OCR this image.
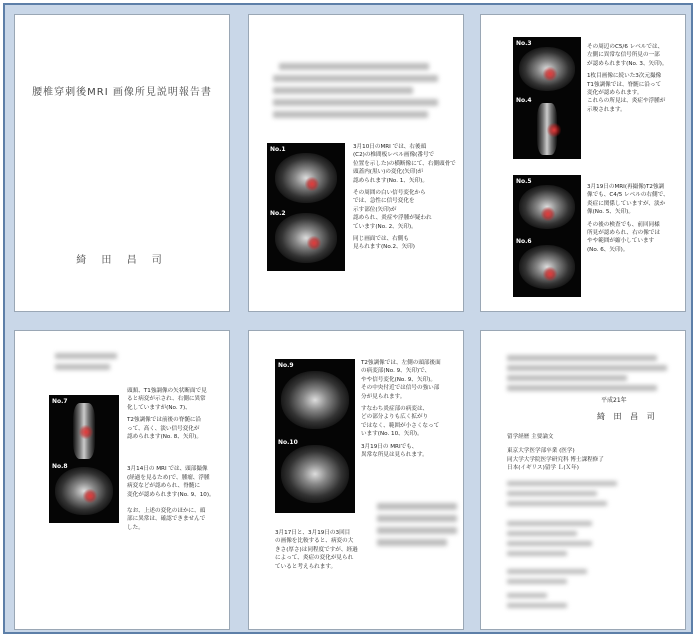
腰椎穿刺後MRI 画像所見説明報告書
綺 田 昌 司
No.1
No.2
3月10日のMRI では、右後頭
(C2)の椎間板レベル画像(番号で
位置を示した)の横断像にて、右側頭骨で
頭蓋内(黒い)の変化(矢印)が
認められます(No. 1、矢印)。
その周囲の白い信号変化から
では、急性に信号変化を
示す部位(矢印)が
認められ、炎症や浮腫が疑われ
ています(No. 2、矢印)。
同じ画面では、右側も
見られます(No.2、矢印)
No.3
No.4
その周辺のC5/6 レベルでは、
左側に異常な信号所見の一部
が認められます(No. 3、矢印)。
1枚目画像に続いた3次元撮像
T1強調像では、脊髄に沿って
変化が認められます。
これらの所見は、炎症や浮腫が
示唆されます。
No.5
No.6
3月19日のMRI(再撮像)T2強調
像でも、C4/5 レベルの右側で、
炎症に関係していますが、淡か
像(No. 5、矢印)。
その後の検査でも、前回同様
所見が認められ、右の像では
やや範囲が縮小しています
(No. 6、矢印)。
No.7
No.8
頭頚、T1強調像の矢状断面で見
ると病変が示され、右側に異常
化していますが(No. 7)、
T2強調像では前後の脊髄に沿
って、高く、淡い信号変化が
認められます(No. 8、矢印)。
3月14日の MRI では、頭部撮像
(経過を見るため)で、腫瘤、浮腫
病変などが認められ、脊髄に
変化が認められます(No. 9、10)。
なお、上述の変化のほかに、頭
部に異常は、確認できませんで
した。
No.9
No.10
T2強調像では、左側の頭部後面
の病変部(No. 9、矢印)で、
やや信号変化(No. 9、矢印)。
その中央付近では信号の強い部
分が見られます。
すなわち炎症部の病変は、
どの部分よりも広く拡がり
ではなく、範囲が小さくなって
います(No. 10、矢印)。
3月19日の MRIでも、
異常な所見は見られます。
3月17日と、3月19日の3回目
の画像を比較すると、病変の大
きさ(厚さ)は同程度ですが、経過
によって、炎症の変化が見られ
ていると考えられます。
平成21年
綺 田 昌 司
留学経歴 主要論文
東京大学医学部卒業 (医学)
同大学大学院医学研究科 博士課程修了
日本(イギリス)留学 Ｌ(Ｘ年)
